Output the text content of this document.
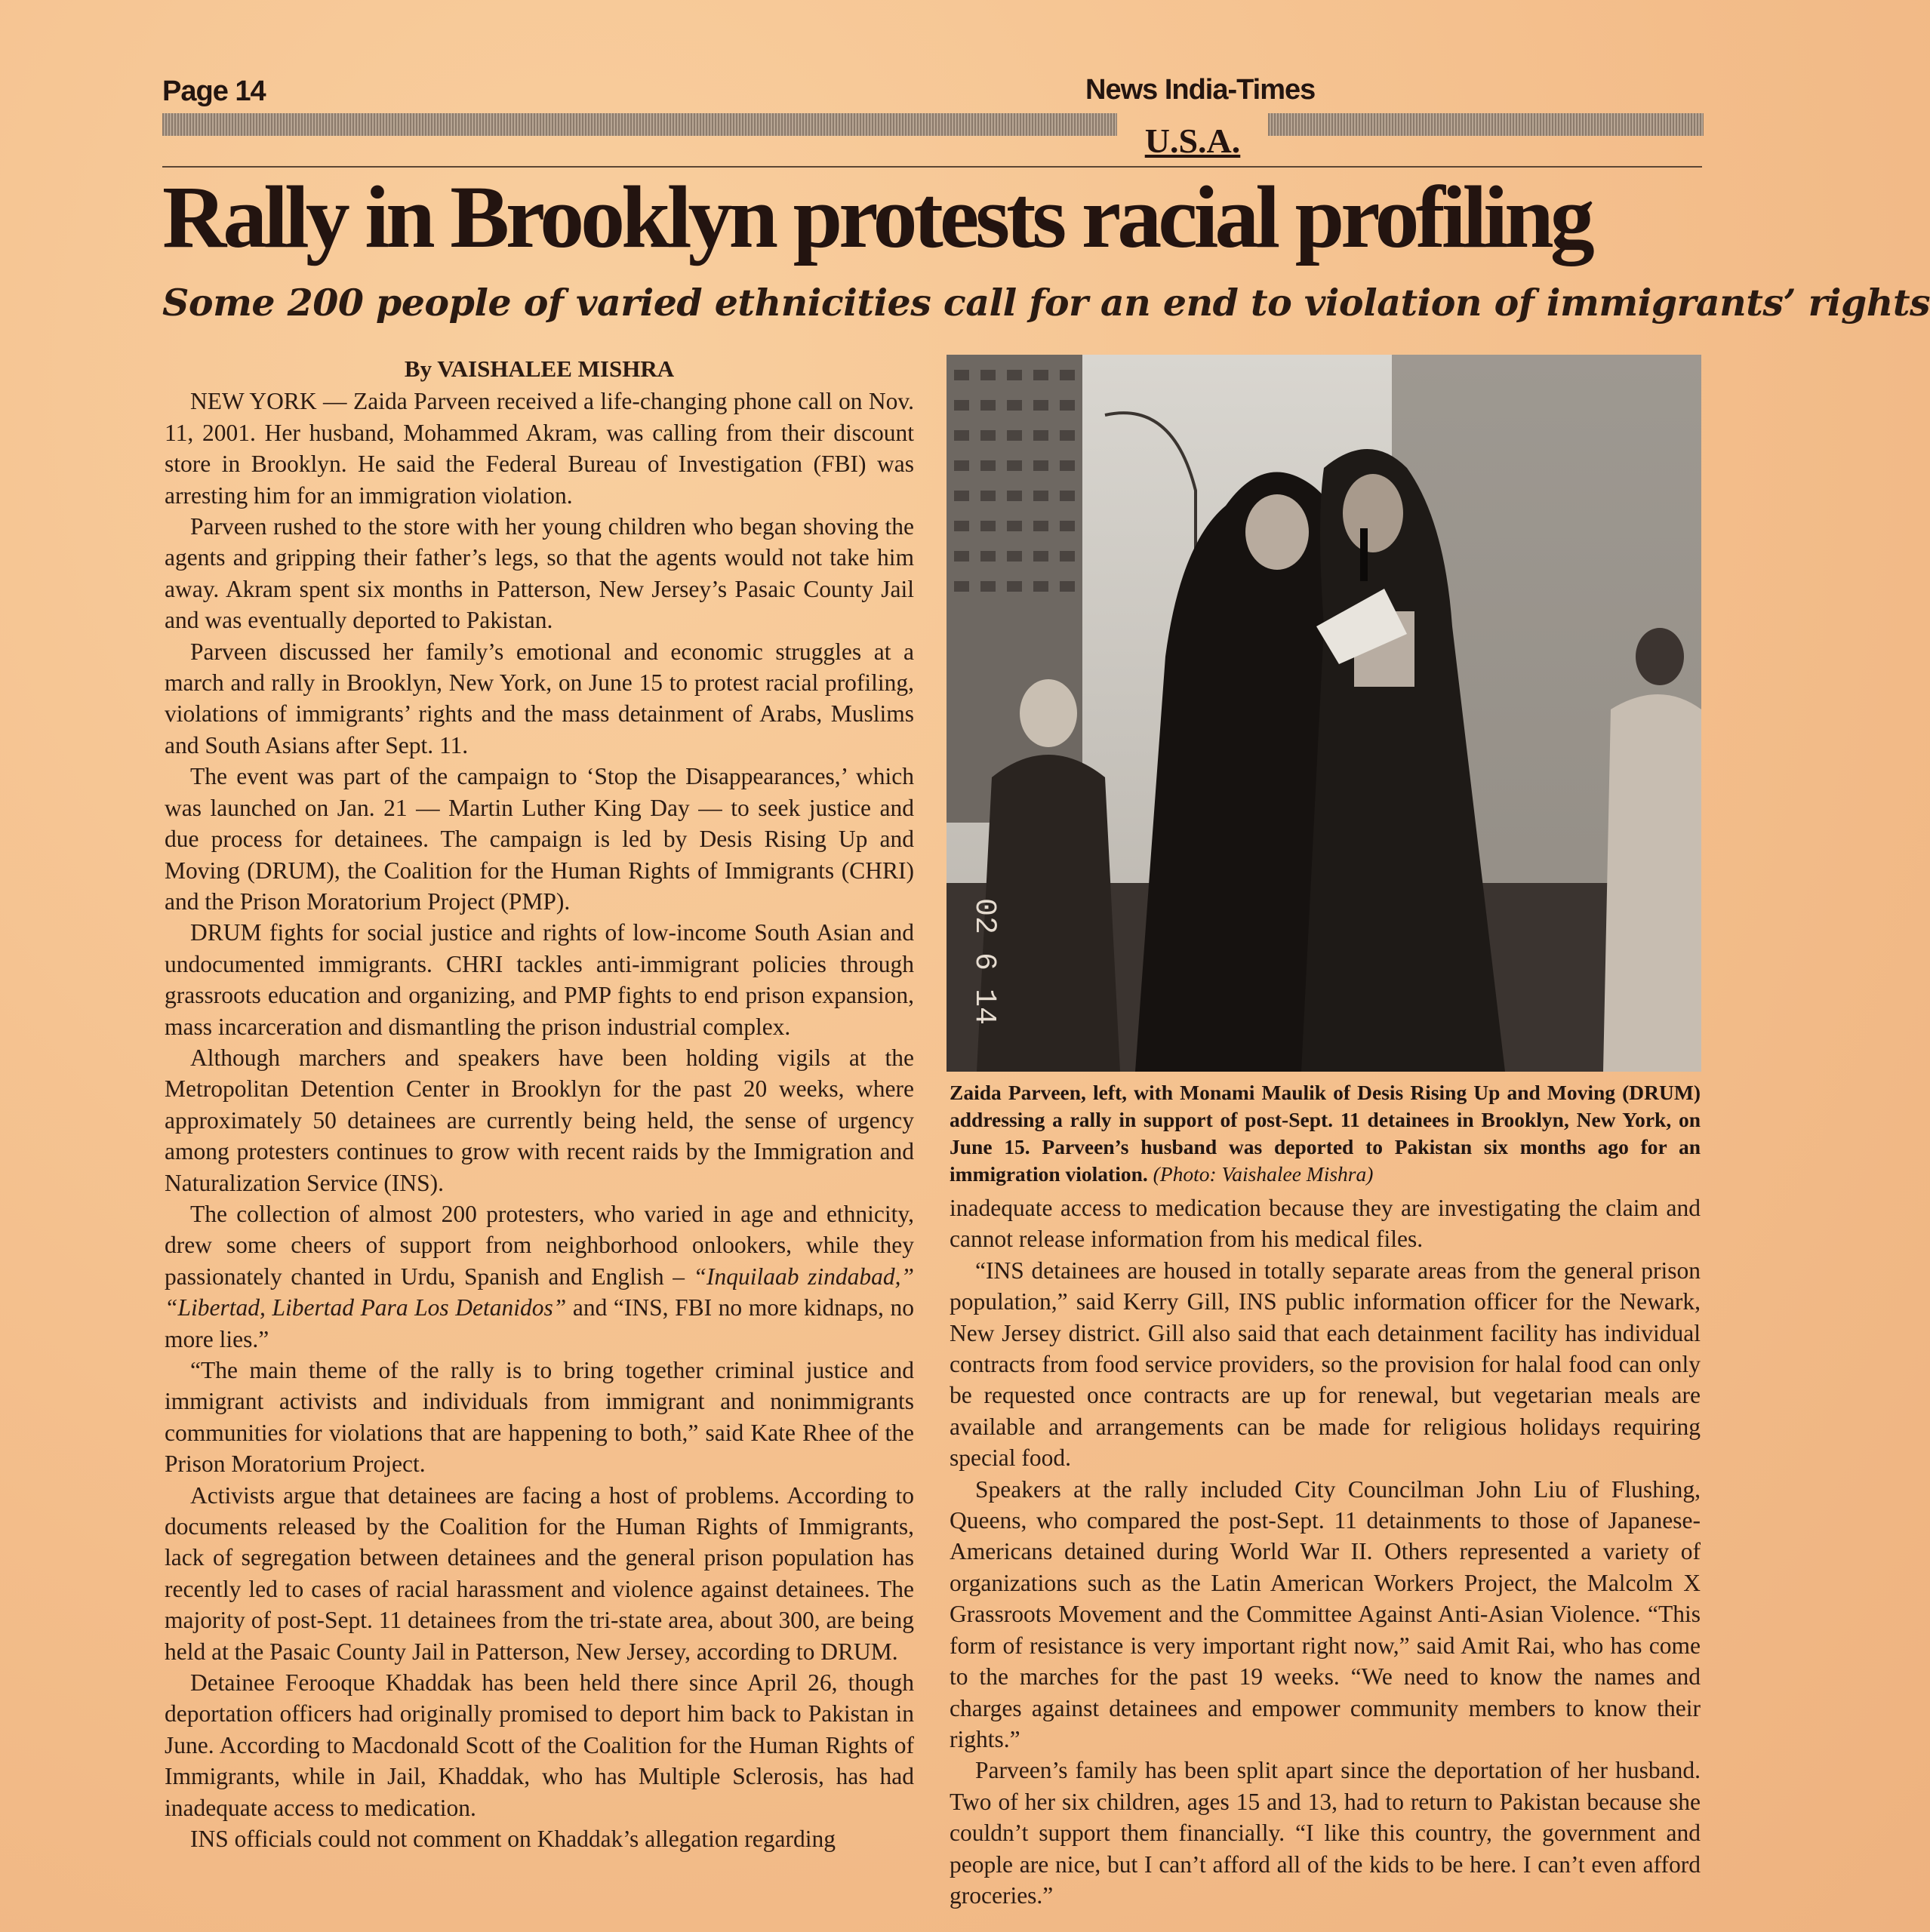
Page 14	News India-Times
U.S.A.
Rally in Brooklyn protests racial profiling
Some 200 people of varied ethnicities call for an end to violation of immigrants’ rights
By VAISHALEE MISHRA

NEW YORK — Zaida Parveen received a life-changing phone call on Nov. 11, 2001. Her husband, Mohammed Akram, was calling from their discount store in Brooklyn. He said the Federal Bureau of Investigation (FBI) was arresting him for an immigration violation.

Parveen rushed to the store with her young children who began shoving the agents and gripping their father’s legs, so that the agents would not take him away. Akram spent six months in Patterson, New Jersey’s Pasaic County Jail and was eventually deported to Pakistan.

Parveen discussed her family’s emotional and economic struggles at a march and rally in Brooklyn, New York, on June 15 to protest racial profiling, violations of immigrants’ rights and the mass detainment of Arabs, Muslims and South Asians after Sept. 11.

The event was part of the campaign to ‘Stop the Disappearances,’ which was launched on Jan. 21 — Martin Luther King Day — to seek justice and due process for detainees. The campaign is led by Desis Rising Up and Moving (DRUM), the Coalition for the Human Rights of Immigrants (CHRI) and the Prison Moratorium Project (PMP).

DRUM fights for social justice and rights of low-income South Asian and undocumented immigrants. CHRI tackles anti-immigrant policies through grassroots education and organizing, and PMP fights to end prison expansion, mass incarceration and dismantling the prison industrial complex.

Although marchers and speakers have been holding vigils at the Metropolitan Detention Center in Brooklyn for the past 20 weeks, where approximately 50 detainees are currently being held, the sense of urgency among protesters continues to grow with recent raids by the Immigration and Naturalization Service (INS).

The collection of almost 200 protesters, who varied in age and ethnicity, drew some cheers of support from neighborhood onlookers, while they passionately chanted in Urdu, Spanish and English – “Inquilaab zindabad,” “Libertad, Libertad Para Los Detanidos” and “INS, FBI no more kidnaps, no more lies.”

“The main theme of the rally is to bring together criminal justice and immigrant activists and individuals from immigrant and nonimmigrants communities for violations that are happening to both,” said Kate Rhee of the Prison Moratorium Project.

Activists argue that detainees are facing a host of problems. According to documents released by the Coalition for the Human Rights of Immigrants, lack of segregation between detainees and the general prison population has recently led to cases of racial harassment and violence against detainees. The majority of post-Sept. 11 detainees from the tri-state area, about 300, are being held at the Pasaic County Jail in Patterson, New Jersey, according to DRUM.

Detainee Ferooque Khaddak has been held there since April 26, though deportation officers had originally promised to deport him back to Pakistan in June. According to Macdonald Scott of the Coalition for the Human Rights of Immigrants, while in Jail, Khaddak, who has Multiple Sclerosis, has had inadequate access to medication.

INS officials could not comment on Khaddak’s allegation regarding

02 6 14
Zaida Parveen, left, with Monami Maulik of Desis Rising Up and Moving (DRUM) addressing a rally in support of post-Sept. 11 detainees in Brooklyn, New York, on June 15. Parveen’s husband was deported to Pakistan six months ago for an immigration violation. (Photo: Vaishalee Mishra)

inadequate access to medication because they are investigating the claim and cannot release information from his medical files.

“INS detainees are housed in totally separate areas from the general prison population,” said Kerry Gill, INS public information officer for the Newark, New Jersey district. Gill also said that each detainment facility has individual contracts from food service providers, so the provision for halal food can only be requested once contracts are up for renewal, but vegetarian meals are available and arrangements can be made for religious holidays requiring special food.

Speakers at the rally included City Councilman John Liu of Flushing, Queens, who compared the post-Sept. 11 detainments to those of Japanese-Americans detained during World War II. Others represented a variety of organizations such as the Latin American Workers Project, the Malcolm X Grassroots Movement and the Committee Against Anti-Asian Violence. “This form of resistance is very important right now,” said Amit Rai, who has come to the marches for the past 19 weeks. “We need to know the names and charges against detainees and empower community members to know their rights.”

Parveen’s family has been split apart since the deportation of her husband. Two of her six children, ages 15 and 13, had to return to Pakistan because she couldn’t support them financially. “I like this country, the government and people are nice, but I can’t afford all of the kids to be here. I can’t even afford groceries.”
